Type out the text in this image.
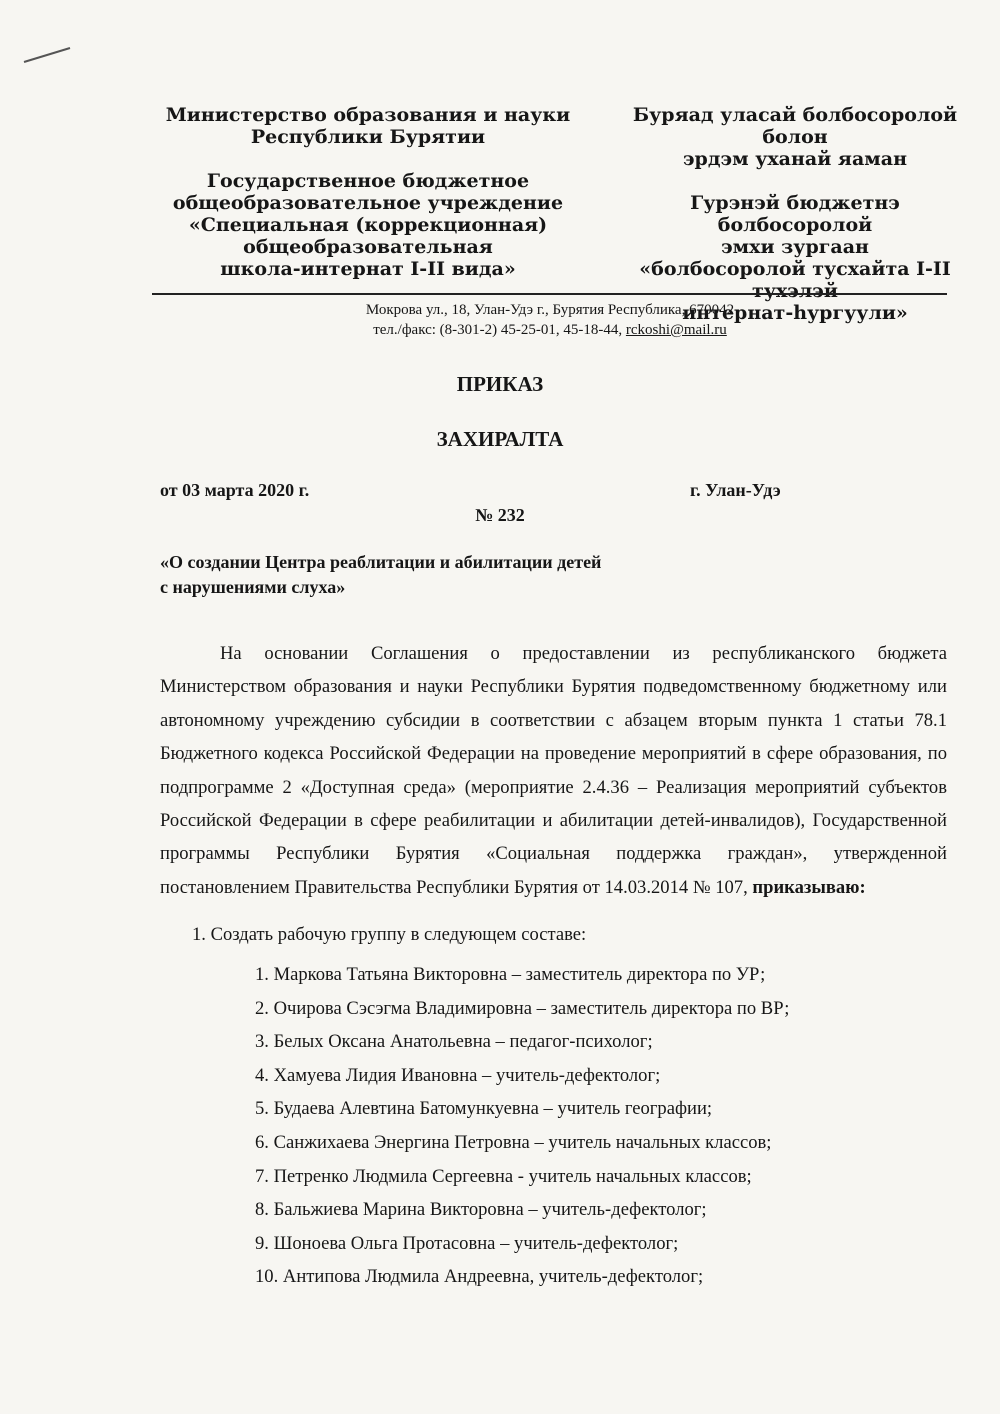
Министерство образования и науки
Республики Бурятии
Государственное бюджетное
общеобразовательное учреждение
«Специальная (коррекционная)
общеобразовательная
школа-интернат I-II вида»
Буряад уласай болбосоролой болон
эрдэм уханай яаман
Гурэнэй бюджетнэ болбосоролой
эмхи зургаан
«болбосоролой тусхайта I-II тухэлэй
интернат-hургуули»
Мокрова ул., 18, Улан-Удэ г., Бурятия Республика, 670042
тел./факс: (8-301-2) 45-25-01, 45-18-44, rckoshi@mail.ru
ПРИКАЗ
ЗАХИРАЛТА
от 03 марта 2020 г.	г. Улан-Удэ
№ 232
«О создании Центра реаблитации и абилитации детей
с нарушениями слуха»
На основании Соглашения о предоставлении из республиканского бюджета Министерством образования и науки Республики Бурятия подведомственному бюджетному или автономному учреждению субсидии в соответствии с абзацем вторым пункта 1 статьи 78.1 Бюджетного кодекса Российской Федерации на проведение мероприятий в сфере образования, по подпрограмме 2 «Доступная среда» (мероприятие 2.4.36 – Реализация мероприятий субъектов Российской Федерации в сфере реабилитации и абилитации детей-инвалидов), Государственной программы Республики Бурятия «Социальная поддержка граждан», утвержденной постановлением Правительства Республики Бурятия от 14.03.2014 № 107, приказываю:
1. Создать рабочую группу в следующем составе:
1. Маркова Татьяна Викторовна – заместитель директора по УР;
2. Очирова Сэсэгма Владимировна – заместитель директора по ВР;
3. Белых Оксана Анатольевна – педагог-психолог;
4. Хамуева Лидия Ивановна – учитель-дефектолог;
5. Будаева Алевтина Батомункуевна – учитель географии;
6. Санжихаева Энергина Петровна – учитель начальных классов;
7. Петренко Людмила Сергеевна - учитель начальных классов;
8. Бальжиева Марина Викторовна – учитель-дефектолог;
9. Шоноева Ольга Протасовна – учитель-дефектолог;
10. Антипова Людмила Андреевна, учитель-дефектолог;
